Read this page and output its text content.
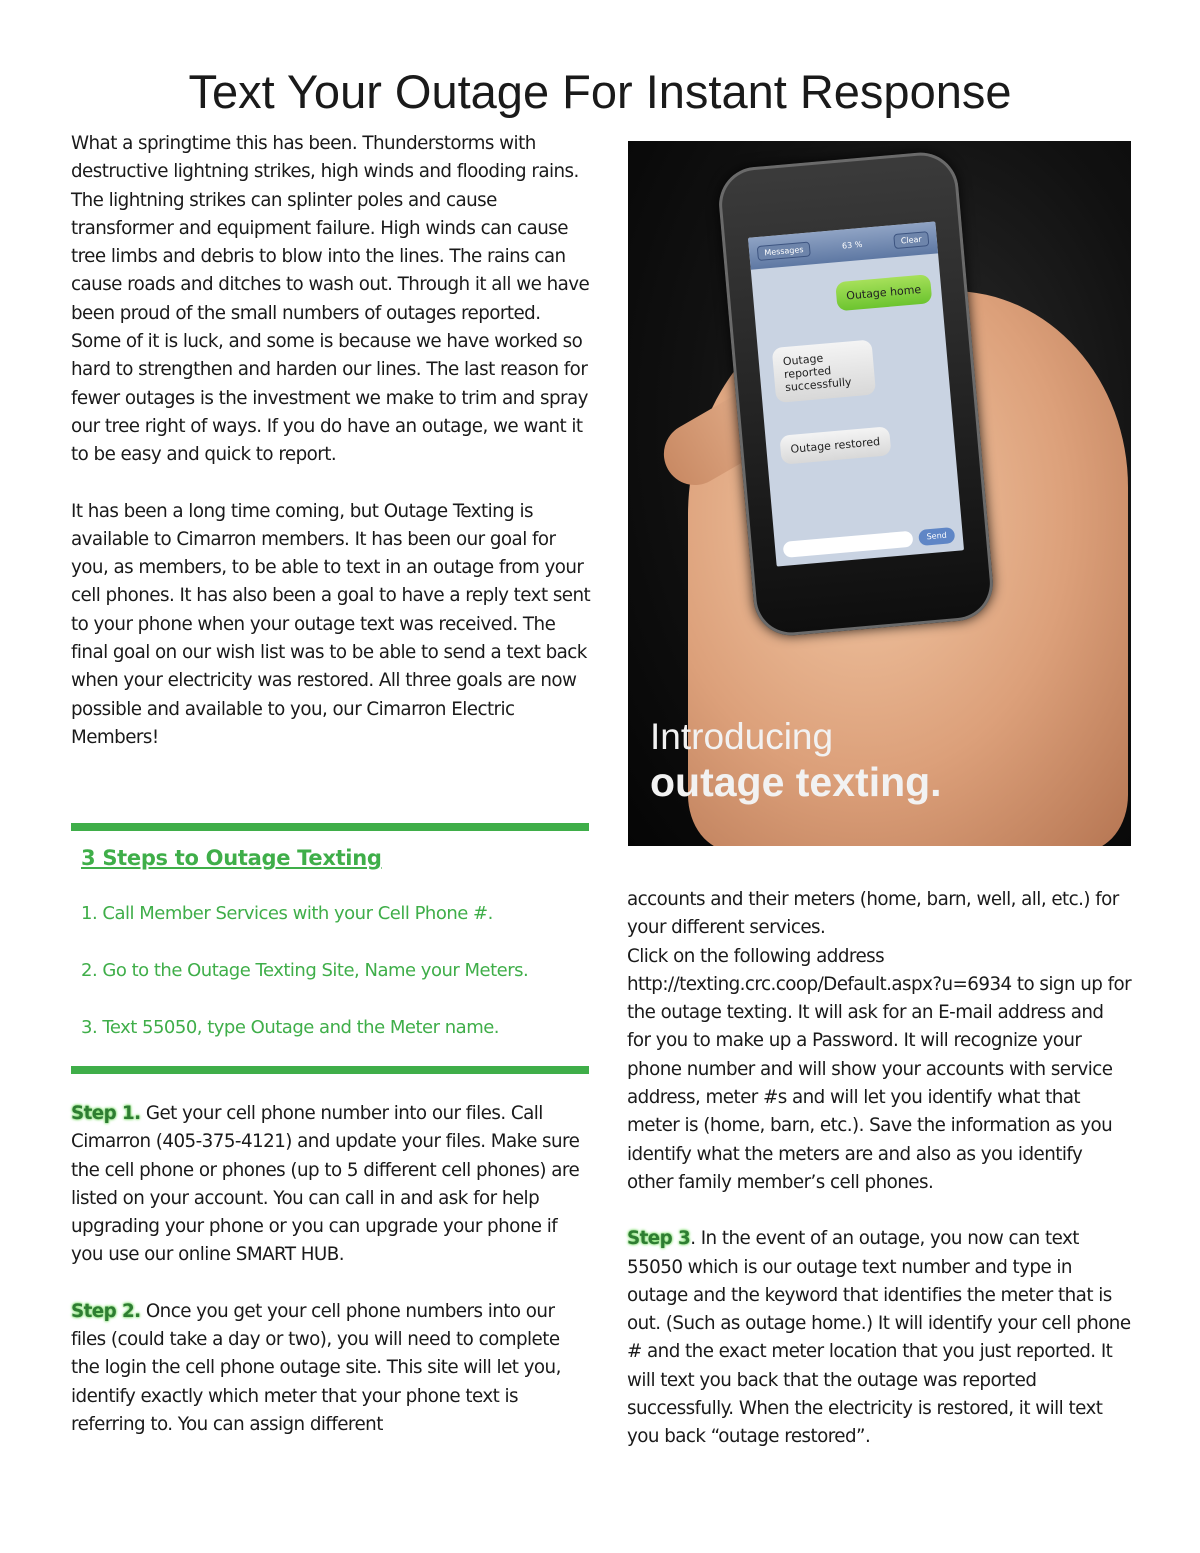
Text Your Outage For Instant Response

What a springtime this has been. Thunderstorms with destructive lightning strikes, high winds and flooding rains. The lightning strikes can splinter poles and cause transformer and equipment failure. High winds can cause tree limbs and debris to blow into the lines. The rains can cause roads and ditches to wash out. Through it all we have been proud of the small numbers of outages reported. Some of it is luck, and some is because we have worked so hard to strengthen and harden our lines. The last reason for fewer outages is the investment we make to trim and spray our tree right of ways. If you do have an outage, we want it to be easy and quick to report.

It has been a long time coming, but Outage Texting is available to Cimarron members. It has been our goal for you, as members, to be able to text in an outage from your cell phones. It has also been a goal to have a reply text sent to your phone when your outage text was received. The final goal on our wish list was to be able to send a text back when your electricity was restored. All three goals are now possible and available to you, our Cimarron Electric Members!

Messages	63 %	Clear
Outage home
Outage reported successfully
Outage restored
Send
Introducing
outage texting.
3 Steps to Outage Texting
1. Call Member Services with your Cell Phone #.
2. Go to the Outage Texting Site, Name your Meters.
3. Text 55050, type Outage and the Meter name.

Step 1. Get your cell phone number into our files. Call Cimarron (405-375-4121) and update your files. Make sure the cell phone or phones (up to 5 different cell phones) are listed on your account. You can call in and ask for help upgrading your phone or you can upgrade your phone if you use our online SMART HUB.

Step 2. Once you get your cell phone numbers into our files (could take a day or two), you will need to complete the login the cell phone outage site. This site will let you, identify exactly which meter that your phone text is referring to. You can assign different

accounts and their meters (home, barn, well, all, etc.) for your different services.

Click on the following address http://texting.crc.coop/Default.aspx?u=6934 to sign up for the outage texting. It will ask for an E-mail address and for you to make up a Password. It will recognize your phone number and will show your accounts with service address, meter #s and will let you identify what that meter is (home, barn, etc.). Save the information as you identify what the meters are and also as you identify other family member’s cell phones.

Step 3. In the event of an outage, you now can text 55050 which is our outage text number and type in outage and the keyword that identifies the meter that is out. (Such as outage home.) It will identify your cell phone # and the exact meter location that you just reported. It will text you back that the outage was reported successfully. When the electricity is restored, it will text you back “outage restored”.
